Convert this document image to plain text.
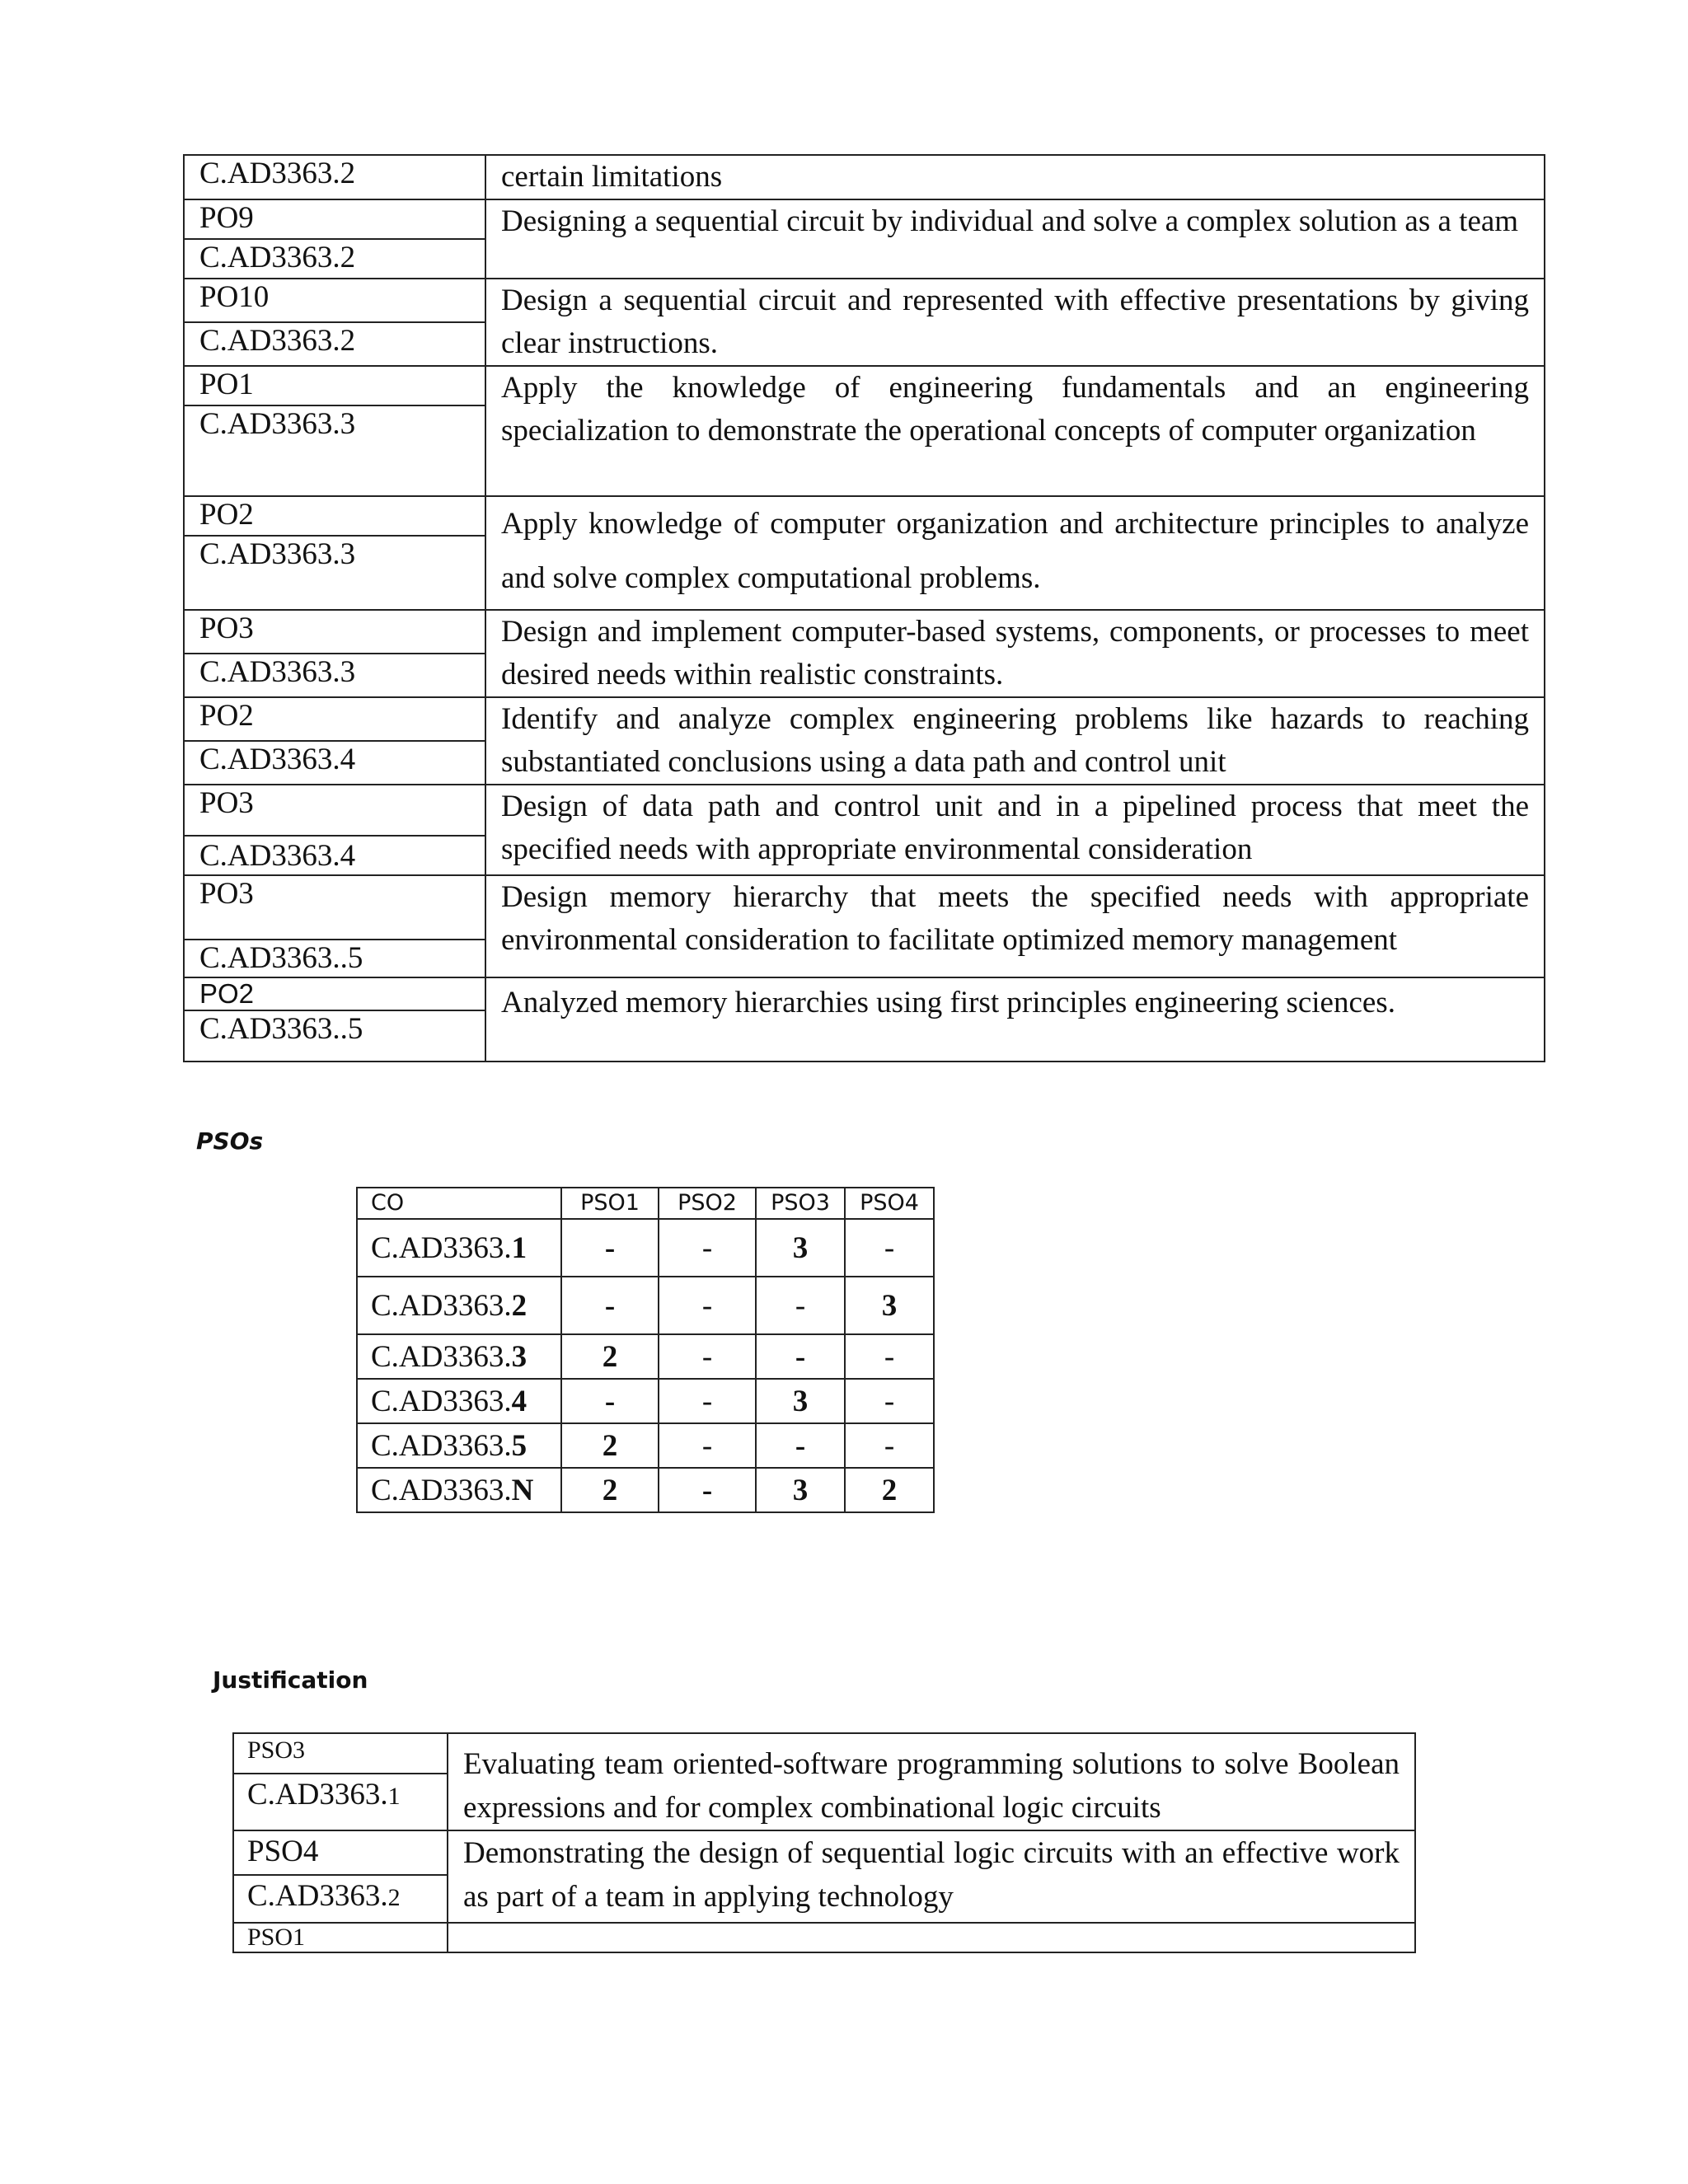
C.AD3363.2	certain limitations
PO9	Designing a sequential circuit by individual and solve a complex solution as a team
C.AD3363.2	
PO10	Design a sequential circuit and represented with effective presentations by giving clear instructions.
C.AD3363.2	
PO1	Apply the knowledge of engineering fundamentals and an engineering specialization to demonstrate the operational concepts of computer organization
C.AD3363.3	
PO2	Apply knowledge of computer organization and architecture principles to analyze and solve complex computational problems.
C.AD3363.3	
PO3	Design and implement computer-based systems, components, or processes to meet desired needs within realistic constraints.
C.AD3363.3	
PO2	Identify and analyze complex engineering problems like hazards to reaching substantiated conclusions using a data path and control unit
C.AD3363.4	
PO3	Design of data path and control unit and in a pipelined process that meet the specified needs with appropriate environmental consideration
C.AD3363.4	
PO3	Design memory hierarchy that meets the specified needs with appropriate environmental consideration to facilitate optimized memory management
C.AD3363..5	
PO2	Analyzed memory hierarchies using first principles engineering sciences.
C.AD3363..5	

PSOs

CO	PSO1	PSO2	PSO3	PSO4
C.AD3363.1	-	-	3	-
C.AD3363.2	-	-	-	3
C.AD3363.3	2	-	-	-
C.AD3363.4	-	-	3	-
C.AD3363.5	2	-	-	-
C.AD3363.N	2	-	3	2

Justification

PSO3	Evaluating team oriented-software programming solutions to solve Boolean expressions and for complex combinational logic circuits
C.AD3363.1	
PSO4	Demonstrating the design of sequential logic circuits with an effective work as part of a team in applying technology
C.AD3363.2	
PSO1	
